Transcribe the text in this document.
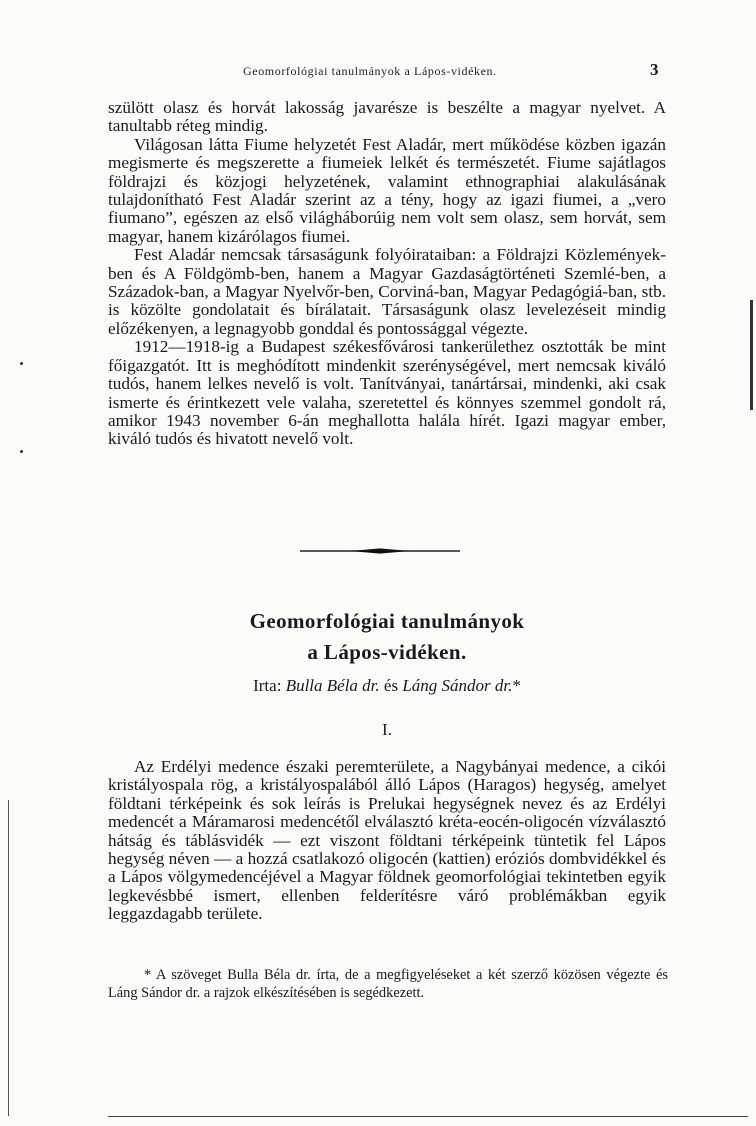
Geomorfológiai tanulmányok a Lápos-vidéken.	3

szülött olasz és horvát lakosság javarésze is beszélte a magyar nyelvet. A tanultabb réteg mindig.

Világosan látta Fiume helyzetét Fest Aladár, mert működése közben igazán megismerte és megszerette a fiumeiek lelkét és természetét. Fiume sajátlagos földrajzi és közjogi helyzetének, valamint ethnographiai alakulásának tulajdonítható Fest Aladár szerint az a tény, hogy az igazi fiumei, a „vero fiumano”, egészen az első világháborúig nem volt sem olasz, sem horvát, sem magyar, hanem kizárólagos fiumei.

Fest Aladár nemcsak társaságunk folyóirataiban: a Földrajzi Közlemények-ben és A Földgömb-ben, hanem a Magyar Gazdaságtörténeti Szemlé-ben, a Századok-ban, a Magyar Nyelvőr-ben, Corviná-ban, Magyar Pedagógiá-ban, stb. is közölte gondolatait és bírálatait. Társaságunk olasz levelezéseit mindig előzékenyen, a legnagyobb gonddal és pontossággal végezte.

1912—1918-ig a Budapest székesfővárosi tankerülethez osztották be mint főigazgatót. Itt is meghódított mindenkit szerénységével, mert nemcsak kiváló tudós, hanem lelkes nevelő is volt. Tanítványai, tanártársai, mindenki, aki csak ismerte és érintkezett vele valaha, szeretettel és könnyes szemmel gondolt rá, amikor 1943 november 6-án meghallotta halála hírét. Igazi magyar ember, kiváló tudós és hivatott nevelő volt.

Geomorfológiai tanulmányok
a Lápos-vidéken.
Irta: Bulla Béla dr. és Láng Sándor dr.*
I.

Az Erdélyi medence északi peremterülete, a Nagybányai medence, a cikói kristályospala rög, a kristályospalából álló Lápos (Haragos) hegység, amelyet földtani térképeink és sok leírás is Prelukai hegységnek nevez és az Erdélyi medencét a Máramarosi medencétől elválasztó kréta-eocén-oligocén vízválasztó hátság és táblásvidék — ezt viszont földtani térképeink tüntetik fel Lápos hegység néven — a hozzá csatlakozó oligocén (kattien) eróziós dombvidékkel és a Lápos völgymedencéjével a Magyar földnek geomorfológiai tekintetben egyik legkevésbbé ismert, ellenben felderítésre váró problémákban egyik leggazdagabb területe.

* A szöveget Bulla Béla dr. írta, de a megfigyeléseket a két szerző közösen végezte és Láng Sándor dr. a rajzok elkészítésében is segédkezett.
